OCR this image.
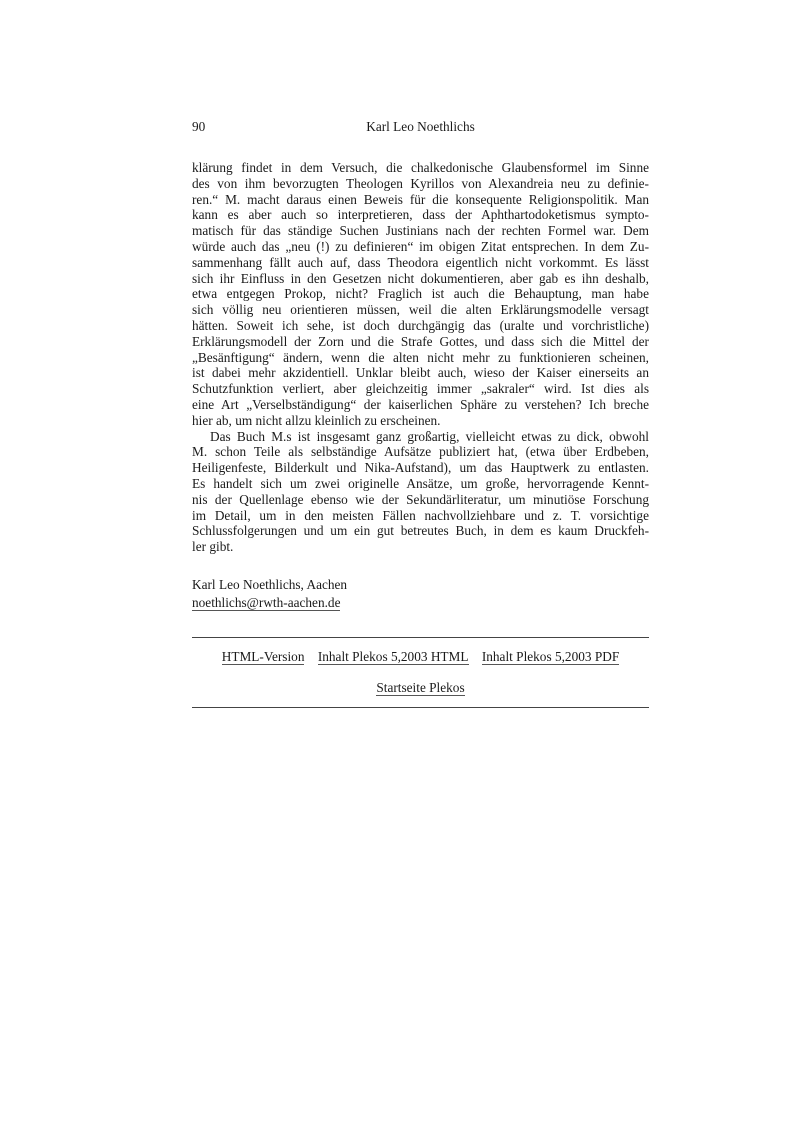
90	Karl Leo Noethlichs
klärung findet in dem Versuch, die chalkedonische Glaubensformel im Sinne
des von ihm bevorzugten Theologen Kyrillos von Alexandreia neu zu definie-
ren.“ M. macht daraus einen Beweis für die konsequente Religionspolitik. Man
kann es aber auch so interpretieren, dass der Aphthartodoketismus sympto-
matisch für das ständige Suchen Justinians nach der rechten Formel war. Dem
würde auch das „neu (!) zu definieren“ im obigen Zitat entsprechen. In dem Zu-
sammenhang fällt auch auf, dass Theodora eigentlich nicht vorkommt. Es lässt
sich ihr Einfluss in den Gesetzen nicht dokumentieren, aber gab es ihn deshalb,
etwa entgegen Prokop, nicht? Fraglich ist auch die Behauptung, man habe
sich völlig neu orientieren müssen, weil die alten Erklärungsmodelle versagt
hätten. Soweit ich sehe, ist doch durchgängig das (uralte und vorchristliche)
Erklärungsmodell der Zorn und die Strafe Gottes, und dass sich die Mittel der
„Besänftigung“ ändern, wenn die alten nicht mehr zu funktionieren scheinen,
ist dabei mehr akzidentiell. Unklar bleibt auch, wieso der Kaiser einerseits an
Schutzfunktion verliert, aber gleichzeitig immer „sakraler“ wird. Ist dies als
eine Art „Verselbständigung“ der kaiserlichen Sphäre zu verstehen? Ich breche
hier ab, um nicht allzu kleinlich zu erscheinen.
Das Buch M.s ist insgesamt ganz großartig, vielleicht etwas zu dick, obwohl
M. schon Teile als selbständige Aufsätze publiziert hat, (etwa über Erdbeben,
Heiligenfeste, Bilderkult und Nika-Aufstand), um das Hauptwerk zu entlasten.
Es handelt sich um zwei originelle Ansätze, um große, hervorragende Kennt-
nis der Quellenlage ebenso wie der Sekundärliteratur, um minutiöse Forschung
im Detail, um in den meisten Fällen nachvollziehbare und z. T. vorsichtige
Schlussfolgerungen und um ein gut betreutes Buch, in dem es kaum Druckfeh-
ler gibt.
Karl Leo Noethlichs, Aachen
noethlichs@rwth-aachen.de
HTML-Version Inhalt Plekos 5,2003 HTML Inhalt Plekos 5,2003 PDF
Startseite Plekos
